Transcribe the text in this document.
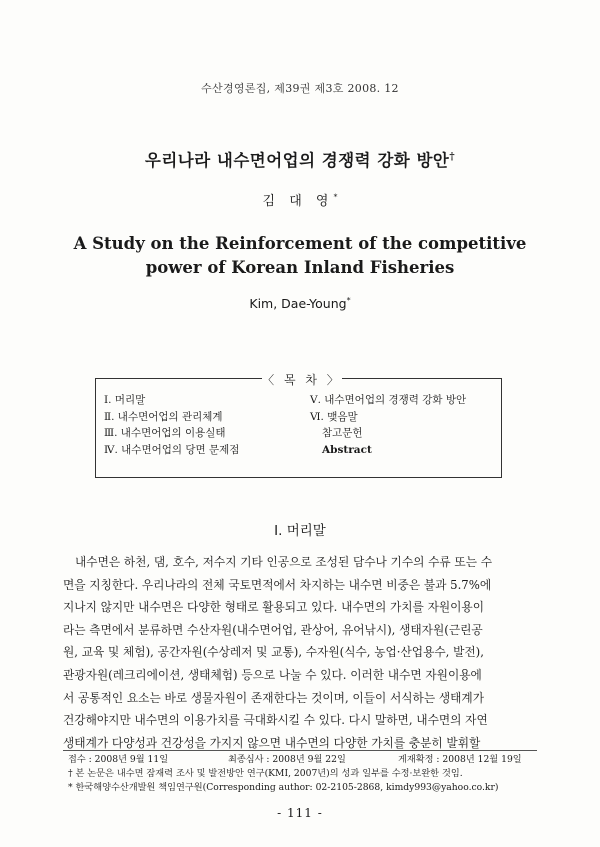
수산경영론집, 제39권 제3호 2008. 12
우리나라 내수면어업의 경쟁력 강화 방안†
김 대 영*
A Study on the Reinforcement of the competitive
power of Korean Inland Fisheries
Kim, Dae-Young*
Ⅰ. 머리말
Ⅱ. 내수면어업의 관리체계
Ⅲ. 내수면어업의 이용실태
Ⅳ. 내수면어업의 당면 문제점
Ⅴ. 내수면어업의 경쟁력 강화 방안
Ⅵ. 맺음말
참고문헌
Abstract
〈 목 차 〉
Ⅰ. 머리말
내수면은 하천, 댐, 호수, 저수지 기타 인공으로 조성된 담수나 기수의 수류 또는 수
면을 지칭한다. 우리나라의 전체 국토면적에서 차지하는 내수면 비중은 불과 5.7%에
지나지 않지만 내수면은 다양한 형태로 활용되고 있다. 내수면의 가치를 자원이용이
라는 측면에서 분류하면 수산자원(내수면어업, 관상어, 유어낚시), 생태자원(근린공
원, 교육 및 체험), 공간자원(수상레저 및 교통), 수자원(식수, 농업·산업용수, 발전),
관광자원(레크리에이션, 생태체험) 등으로 나눌 수 있다. 이러한 내수면 자원이용에
서 공통적인 요소는 바로 생물자원이 존재한다는 것이며, 이들이 서식하는 생태계가
건강해야지만 내수면의 이용가치를 극대화시킬 수 있다. 다시 말하면, 내수면의 자연
생태계가 다양성과 건강성을 가지지 않으면 내수면의 다양한 가치를 충분히 발휘할
접수 : 2008년 9월 11일	최종심사 : 2008년 9월 22일	게재확정 : 2008년 12월 19일
† 본 논문은 내수면 잠재력 조사 및 발전방안 연구(KMI, 2007년)의 성과 일부를 수정·보완한 것임.
* 한국해양수산개발원 책임연구원(Corresponding author: 02-2105-2868, kimdy993@yahoo.co.kr)
- 111 -
